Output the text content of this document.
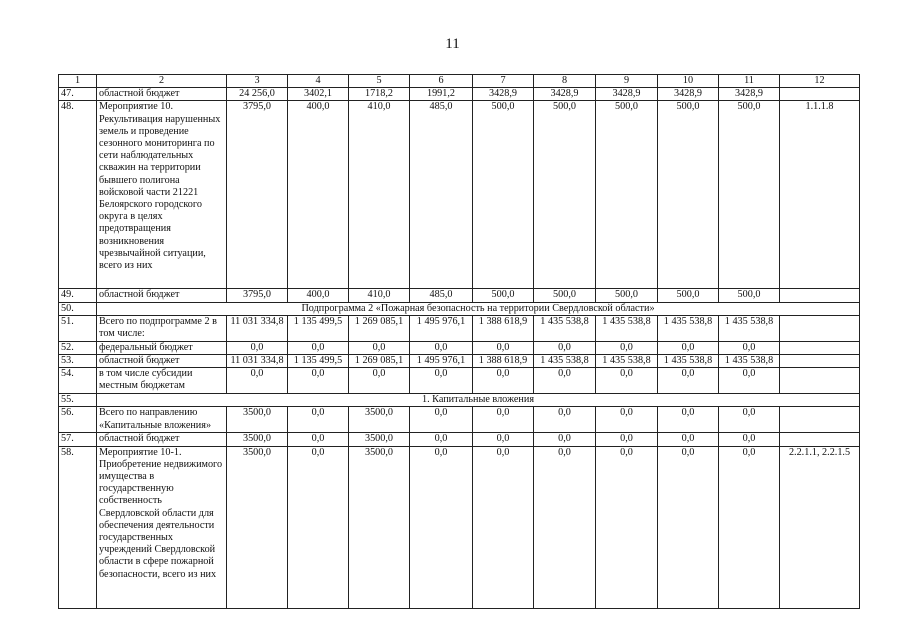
11
1	2	3	4	5	6	7	8	9	10	11	12
47.	областной бюджет	24 256,0	3402,1	1718,2	1991,2	3428,9	3428,9	3428,9	3428,9	3428,9	
48.	Мероприятие 10. Рекультивация нарушенных земель и проведение сезонного мониторинга по сети наблюдательных скважин на территории бывшего полигона войсковой части 21221 Белоярского городского округа в целях предотвращения возникновения чрезвычайной ситуации, всего из них	3795,0	400,0	410,0	485,0	500,0	500,0	500,0	500,0	500,0	1.1.1.8
49.	областной бюджет	3795,0	400,0	410,0	485,0	500,0	500,0	500,0	500,0	500,0	
50.	Подпрограмма 2 «Пожарная безопасность на территории Свердловской области»										
51.	Всего по подпрограмме 2 в том числе:	11 031 334,8	1 135 499,5	1 269 085,1	1 495 976,1	1 388 618,9	1 435 538,8	1 435 538,8	1 435 538,8	1 435 538,8	
52.	федеральный бюджет	0,0	0,0	0,0	0,0	0,0	0,0	0,0	0,0	0,0	
53.	областной бюджет	11 031 334,8	1 135 499,5	1 269 085,1	1 495 976,1	1 388 618,9	1 435 538,8	1 435 538,8	1 435 538,8	1 435 538,8	
54.	в том числе субсидии местным бюджетам	0,0	0,0	0,0	0,0	0,0	0,0	0,0	0,0	0,0	
55.	1. Капитальные вложения										
56.	Всего по направлению «Капитальные вложения»	3500,0	0,0	3500,0	0,0	0,0	0,0	0,0	0,0	0,0	
57.	областной бюджет	3500,0	0,0	3500,0	0,0	0,0	0,0	0,0	0,0	0,0	
58.	Мероприятие 10-1. Приобретение недвижимого имущества в государственную собственность Свердловской области для обеспечения деятельности государственных учреждений Свердловской области в сфере пожарной безопасности, всего из них	3500,0	0,0	3500,0	0,0	0,0	0,0	0,0	0,0	0,0	2.2.1.1, 2.2.1.5
